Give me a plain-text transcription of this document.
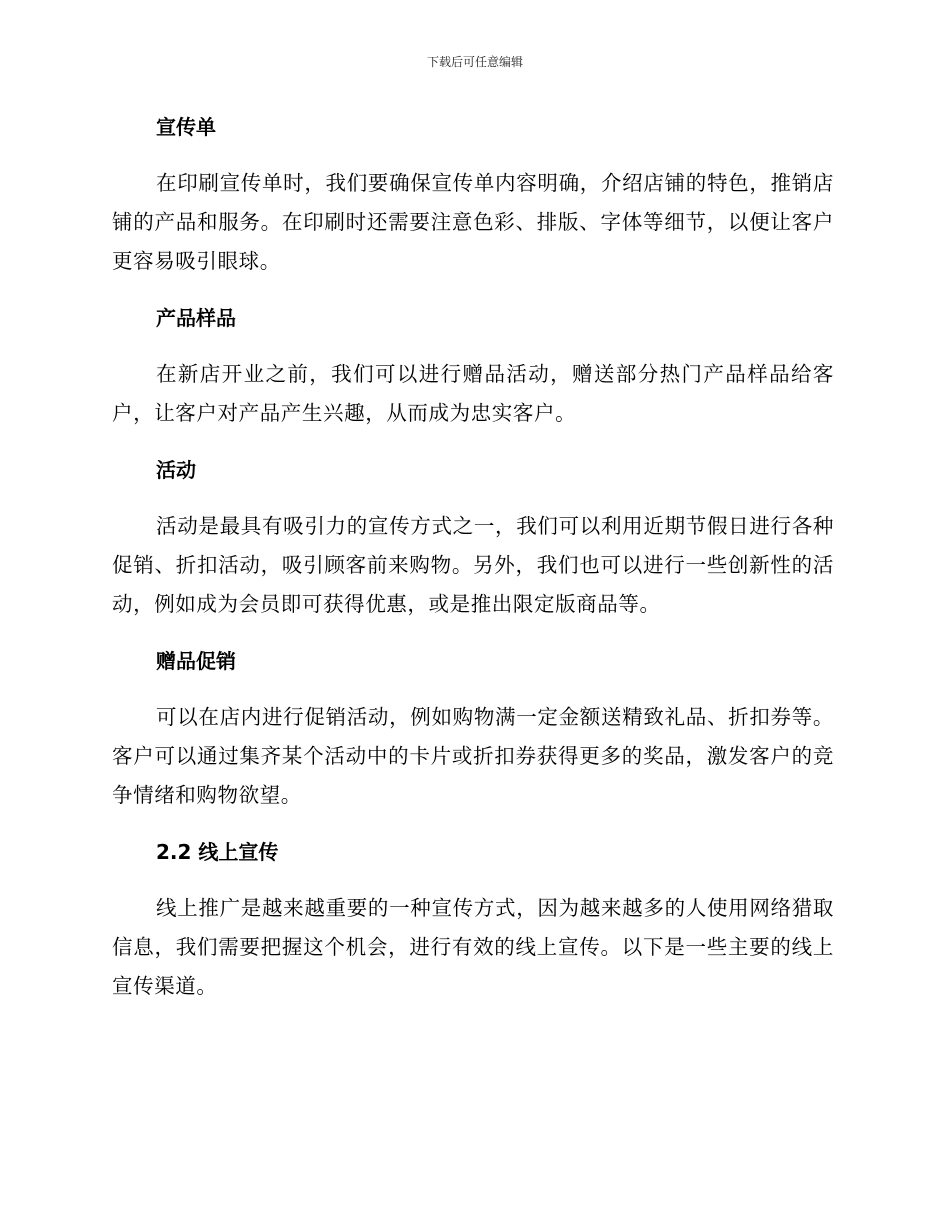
下载后可任意编辑
宣传单

在印刷宣传单时，我们要确保宣传单内容明确，介绍店铺的特色，推销店铺的产品和服务。在印刷时还需要注意色彩、排版、字体等细节，以便让客户更容易吸引眼球。

产品样品

在新店开业之前，我们可以进行赠品活动，赠送部分热门产品样品给客户，让客户对产品产生兴趣，从而成为忠实客户。

活动

活动是最具有吸引力的宣传方式之一，我们可以利用近期节假日进行各种促销、折扣活动，吸引顾客前来购物。另外，我们也可以进行一些创新性的活动，例如成为会员即可获得优惠，或是推出限定版商品等。

赠品促销

可以在店内进行促销活动，例如购物满一定金额送精致礼品、折扣券等。客户可以通过集齐某个活动中的卡片或折扣券获得更多的奖品，激发客户的竞争情绪和购物欲望。

2.2 线上宣传

线上推广是越来越重要的一种宣传方式，因为越来越多的人使用网络猎取信息，我们需要把握这个机会，进行有效的线上宣传。以下是一些主要的线上宣传渠道。
